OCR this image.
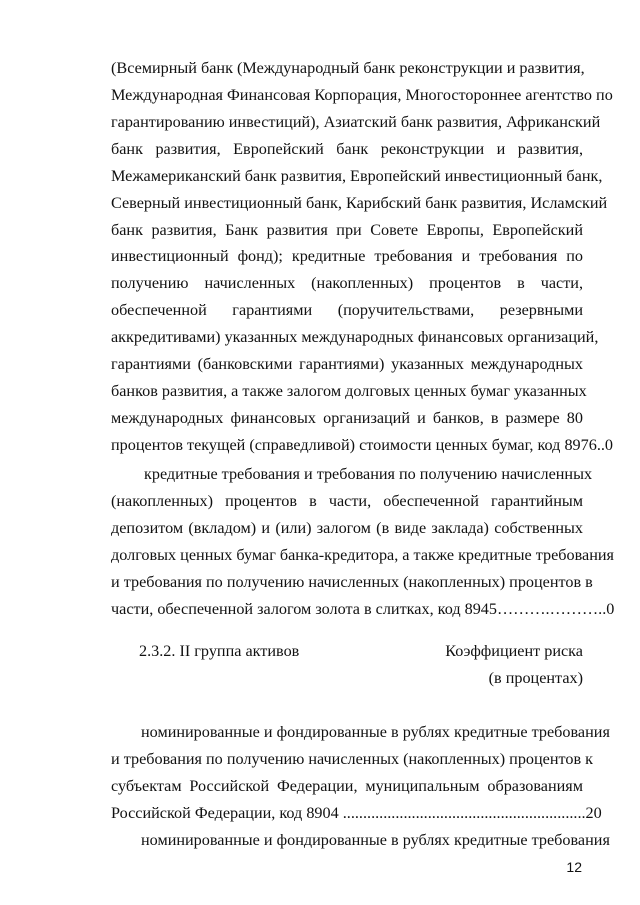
(Всемирный банк (Международный банк реконструкции и развития,

Международная Финансовая Корпорация, Многостороннее агентство по

гарантированию инвестиций), Азиатский банк развития, Африканский

банк развития, Европейский банк реконструкции и развития,

Межамериканский банк развития, Европейский инвестиционный банк,

Северный инвестиционный банк, Карибский банк развития, Исламский

банк развития, Банк развития при Совете Европы, Европейский

инвестиционный фонд); кредитные требования и требования по

получению начисленных (накопленных) процентов в части,

обеспеченной гарантиями (поручительствами, резервными

аккредитивами) указанных международных финансовых организаций,

гарантиями (банковскими гарантиями) указанных международных

банков развития, а также залогом долговых ценных бумаг указанных

международных финансовых организаций и банков, в размере 80

процентов текущей (справедливой) стоимости ценных бумаг, код 8976..0

кредитные требования и требования по получению начисленных

(накопленных) процентов в части, обеспеченной гарантийным

депозитом (вкладом) и (или) залогом (в виде заклада) собственных

долговых ценных бумаг банка-кредитора, а также кредитные требования

и требования по получению начисленных (накопленных) процентов в

части, обеспеченной залогом золота в слитках, код 8945……….………..0

2.3.2. II группа активов	Коэффициент риска

(в процентах)

номинированные и фондированные в рублях кредитные требования

и требования по получению начисленных (накопленных) процентов к

субъектам Российской Федерации, муниципальным образованиям

Российской Федерации, код 8904 ............................................................20

номинированные и фондированные в рублях кредитные требования

12
